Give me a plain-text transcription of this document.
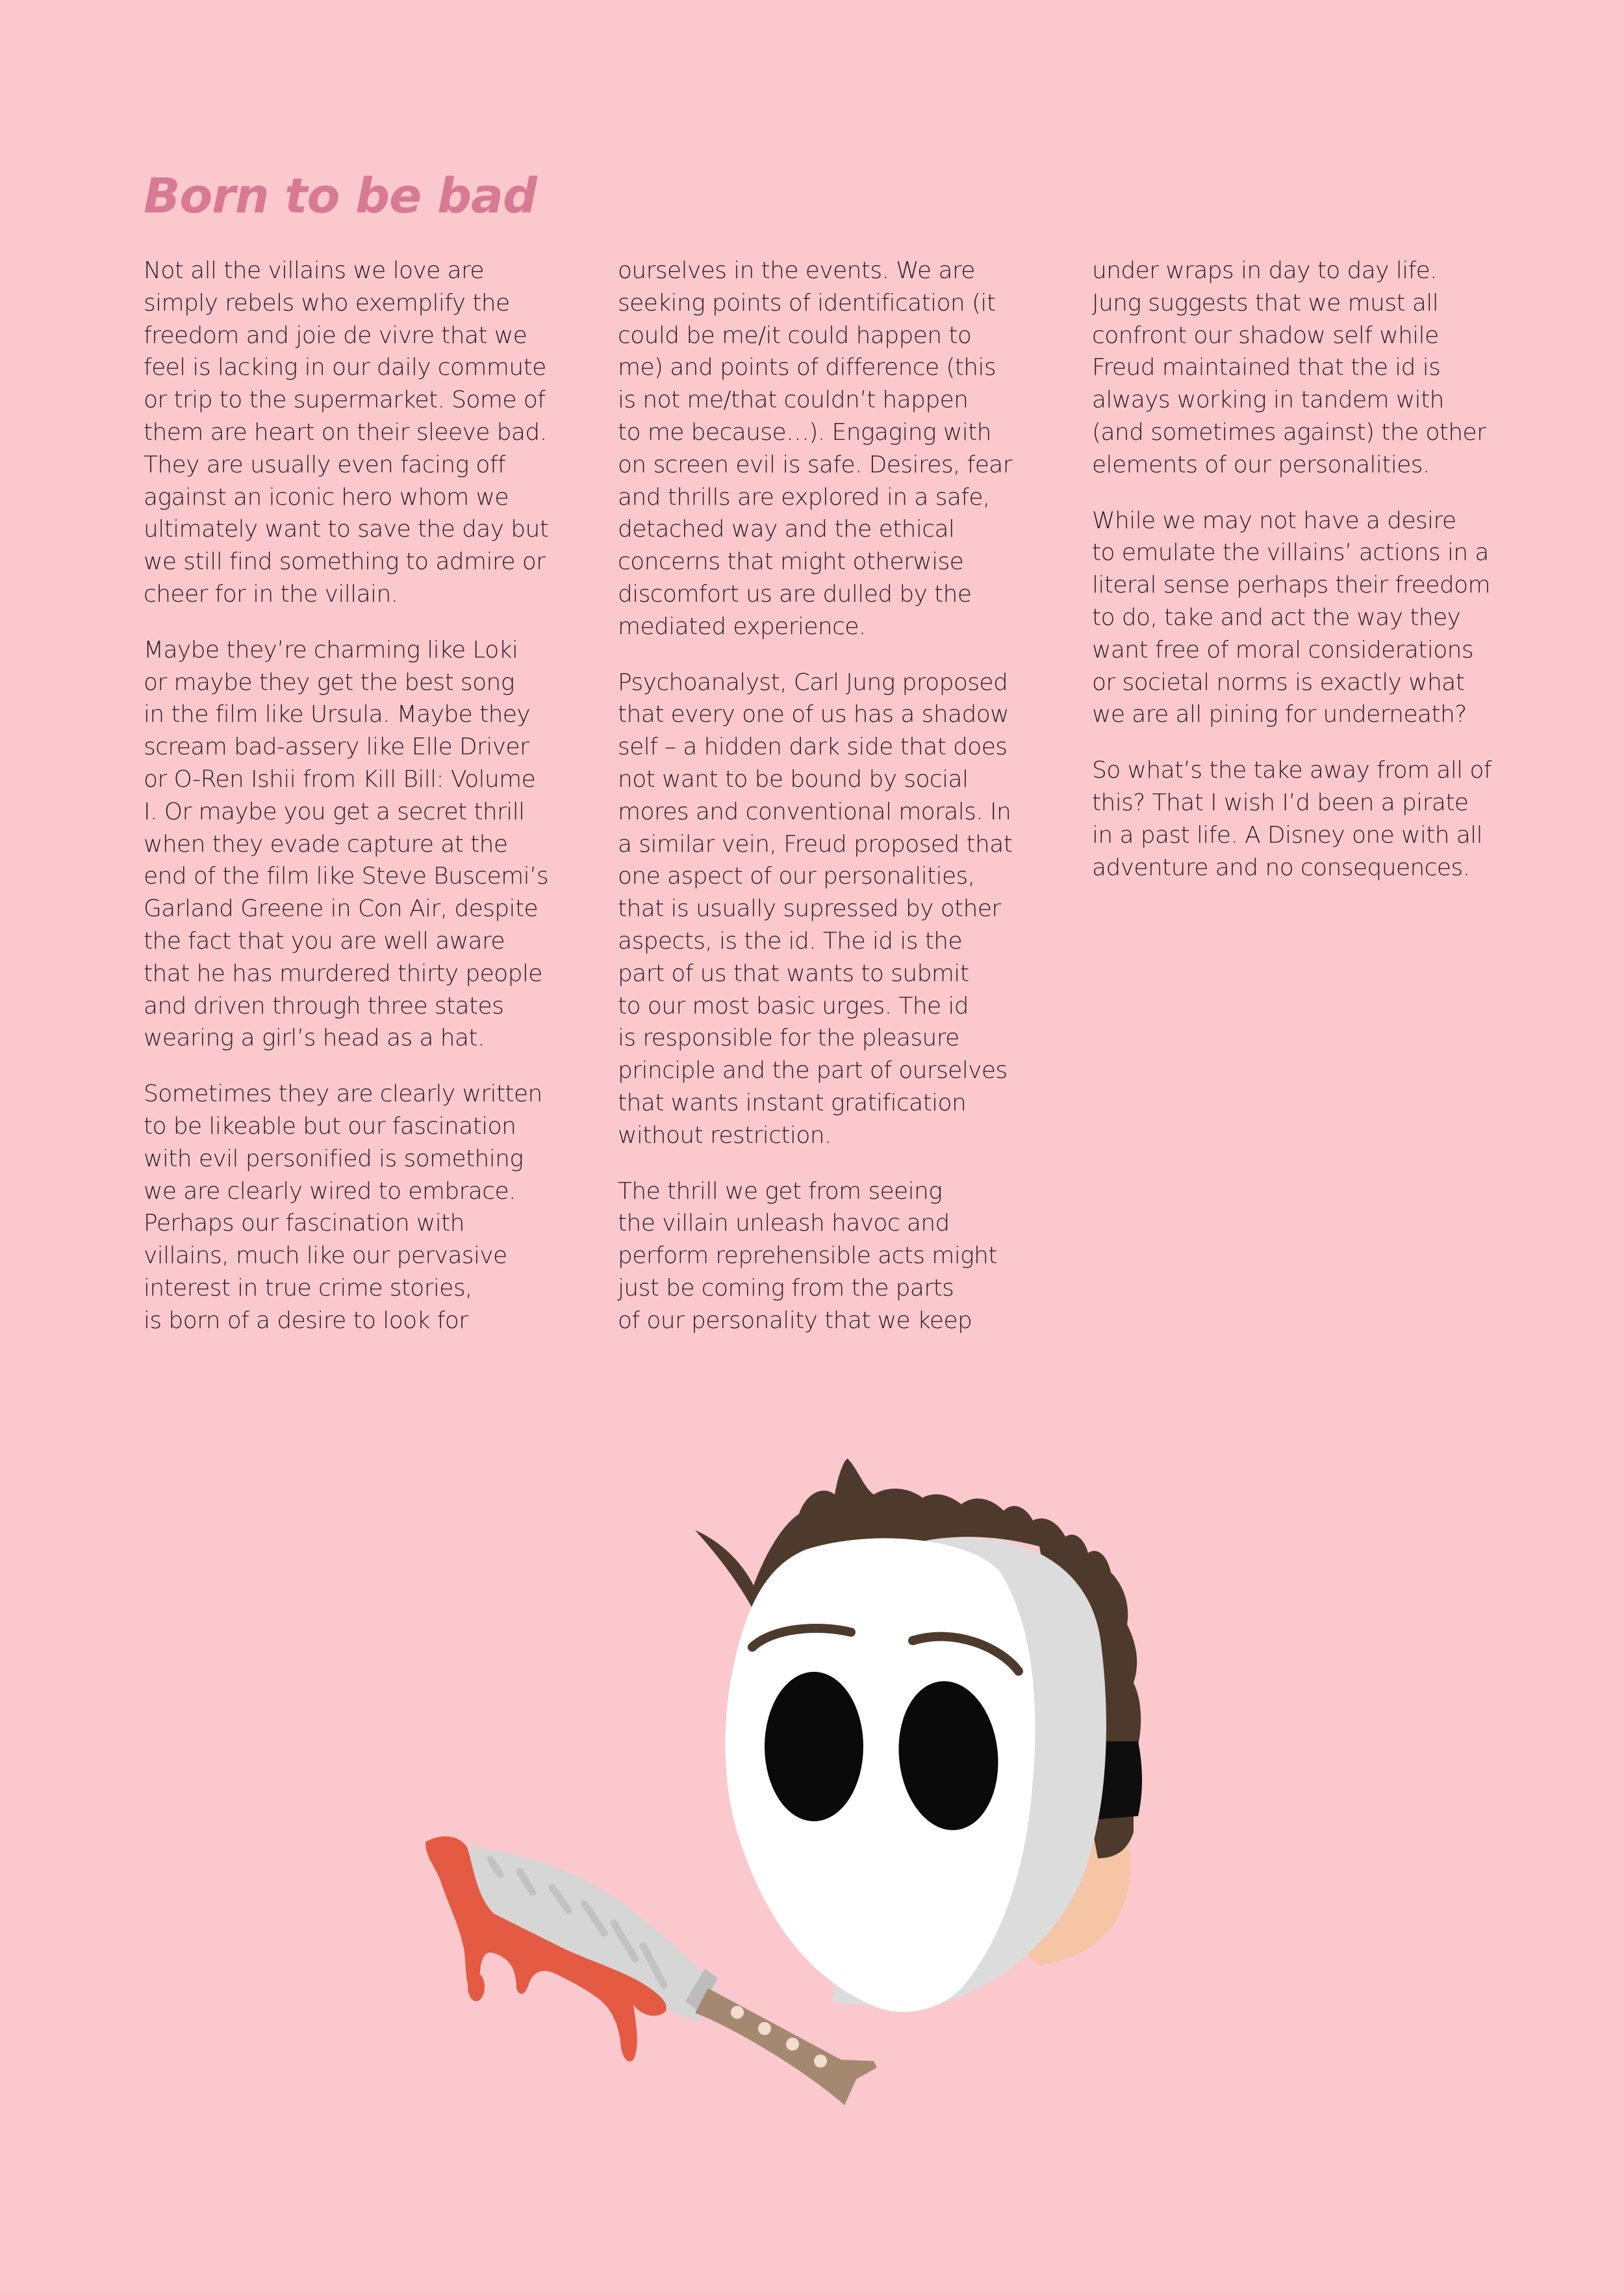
Born to be bad

Not all the villains we love are
simply rebels who exemplify the
freedom and joie de vivre that we
feel is lacking in our daily commute
or trip to the supermarket. Some of
them are heart on their sleeve bad.
They are usually even facing off
against an iconic hero whom we
ultimately want to save the day but
we still find something to admire or
cheer for in the villain.

Maybe they’re charming like Loki
or maybe they get the best song
in the film like Ursula. Maybe they
scream bad-assery like Elle Driver
or O-Ren Ishii from Kill Bill: Volume
I. Or maybe you get a secret thrill
when they evade capture at the
end of the film like Steve Buscemi’s
Garland Greene in Con Air, despite
the fact that you are well aware
that he has murdered thirty people
and driven through three states
wearing a girl’s head as a hat.

Sometimes they are clearly written
to be likeable but our fascination
with evil personified is something
we are clearly wired to embrace.
Perhaps our fascination with
villains, much like our pervasive
interest in true crime stories,
is born of a desire to look for

ourselves in the events. We are
seeking points of identification (it
could be me/it could happen to
me) and points of difference (this
is not me/that couldn’t happen
to me because…). Engaging with
on screen evil is safe. Desires, fear
and thrills are explored in a safe,
detached way and the ethical
concerns that might otherwise
discomfort us are dulled by the
mediated experience.

Psychoanalyst, Carl Jung proposed
that every one of us has a shadow
self – a hidden dark side that does
not want to be bound by social
mores and conventional morals. In
a similar vein, Freud proposed that
one aspect of our personalities,
that is usually supressed by other
aspects, is the id. The id is the
part of us that wants to submit
to our most basic urges. The id
is responsible for the pleasure
principle and the part of ourselves
that wants instant gratification
without restriction.

The thrill we get from seeing
the villain unleash havoc and
perform reprehensible acts might
just be coming from the parts
of our personality that we keep

under wraps in day to day life.
Jung suggests that we must all
confront our shadow self while
Freud maintained that the id is
always working in tandem with
(and sometimes against) the other
elements of our personalities.

While we may not have a desire
to emulate the villains’ actions in a
literal sense perhaps their freedom
to do, take and act the way they
want free of moral considerations
or societal norms is exactly what
we are all pining for underneath?

So what’s the take away from all of
this? That I wish I’d been a pirate
in a past life. A Disney one with all
adventure and no consequences.
